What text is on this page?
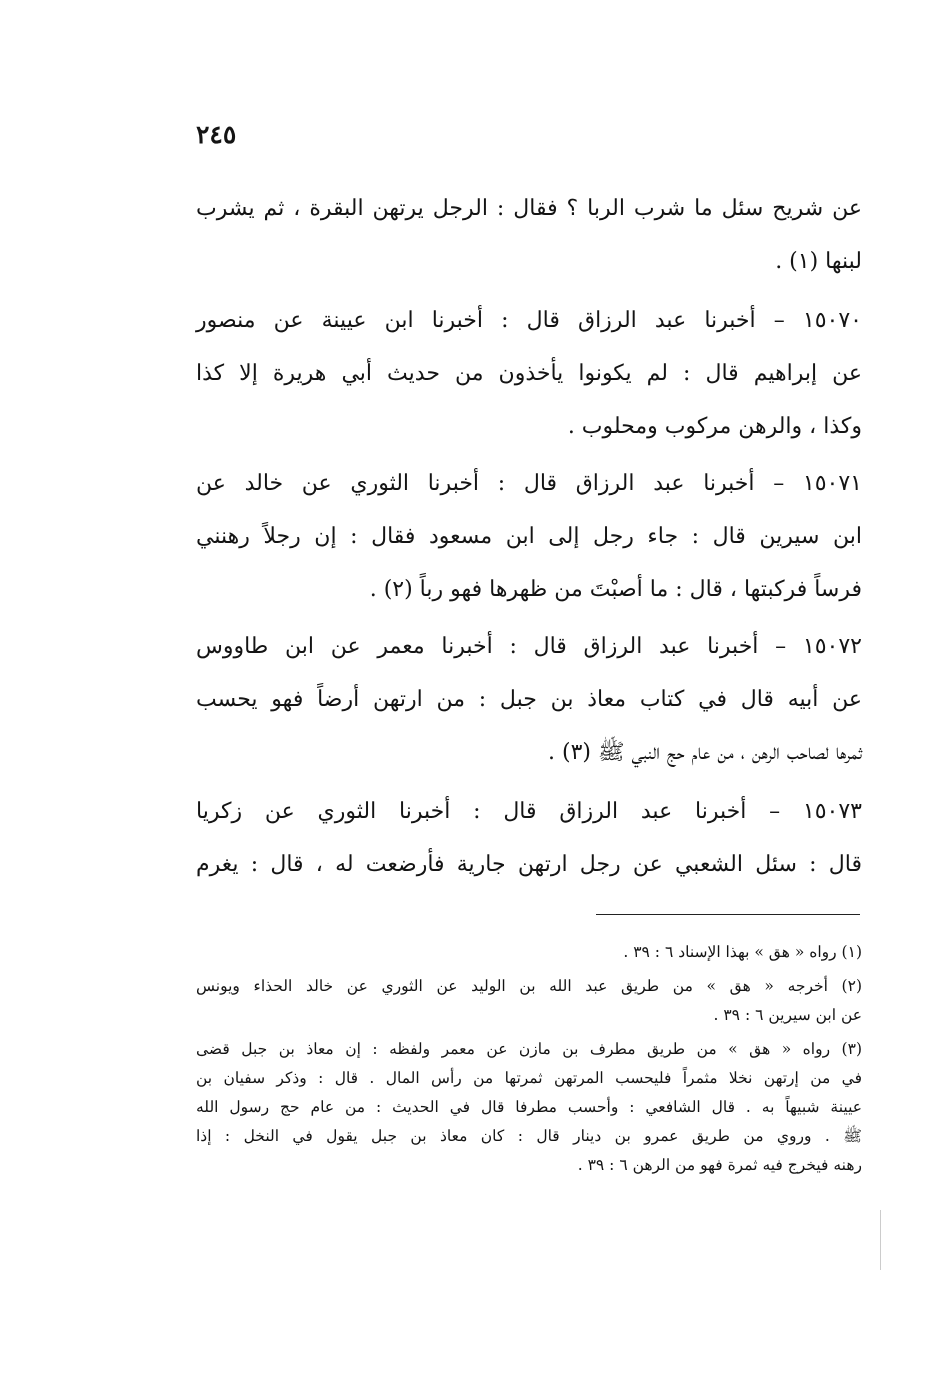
٢٤٥
عن شريح سئل ما شرب الربا ؟ فقال : الرجل يرتهن البقرة ، ثم يشرب
لبنها (١) .
١٥٠٧٠ – أخبرنا عبد الرزاق قال : أخبرنا ابن عيينة عن منصور
عن إبراهيم قال : لم يكونوا يأخذون من حديث أبي هريرة إلا كذا
وكذا ، والرهن مركوب ومحلوب .
١٥٠٧١ – أخبرنا عبد الرزاق قال : أخبرنا الثوري عن خالد عن
ابن سيرين قال : جاء رجل إلى ابن مسعود فقال : إن رجلاً رهنني
فرساً فركبتها ، قال : ما أصبْتَ من ظهرها فهو رباً (٢) .
١٥٠٧٢ – أخبرنا عبد الرزاق قال : أخبرنا معمر عن ابن طاووس
عن أبيه قال في كتاب معاذ بن جبل : من ارتهن أرضاً فهو يحسب
ثمرها لصاحب الرهن ، من عام حج النبي ﷺ (٣) .
١٥٠٧٣ – أخبرنا عبد الرزاق قال : أخبرنا الثوري عن زكريا
قال : سئل الشعبي عن رجل ارتهن جارية فأرضعت له ، قال : يغرم
(١) رواه « هق » بهذا الإسناد ٦ : ٣٩ .
(٢) أخرجه « هق » من طريق عبد الله بن الوليد عن الثوري عن خالد الحذاء ويونس
عن ابن سيرين ٦ : ٣٩ .
(٣) رواه « هق » من طريق مطرف بن مازن عن معمر ولفظه : إن معاذ بن جبل قضى
في من إرتهن نخلا مثمراً فليحسب المرتهن ثمرتها من رأس المال . قال : وذكر سفيان بن
عيينة شبيهاً به . قال الشافعي : وأحسب مطرفا قال في الحديث : من عام حج رسول الله
ﷺ . وروي من طريق عمرو بن دينار قال : كان معاذ بن جبل يقول في النخل : إذا
رهنه فيخرج فيه ثمرة فهو من الرهن ٦ : ٣٩ .
